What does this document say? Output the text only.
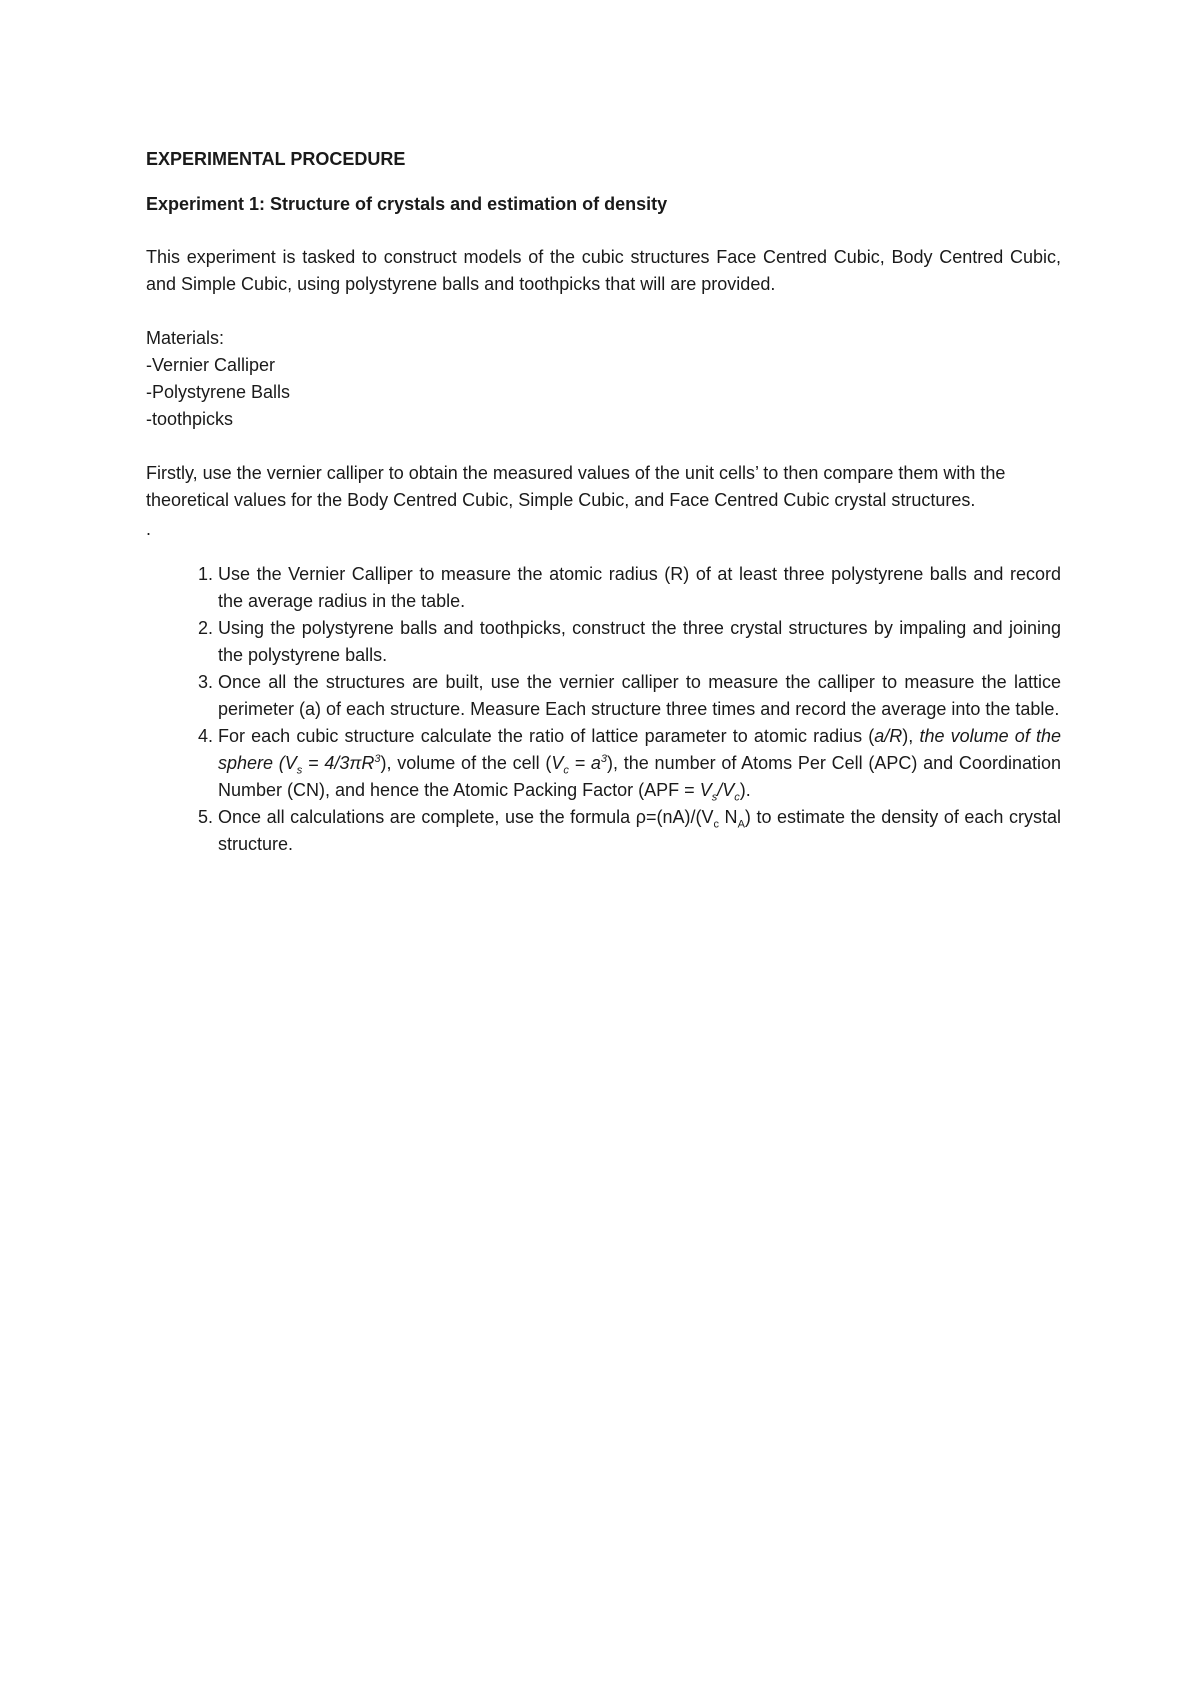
EXPERIMENTAL PROCEDURE
Experiment 1: Structure of crystals and estimation of density

This experiment is tasked to construct models of the cubic structures Face Centred Cubic, Body Centred Cubic, and Simple Cubic, using polystyrene balls and toothpicks that will are provided.

Materials:

-Vernier Calliper
-Polystyrene Balls
-toothpicks

Firstly, use the vernier calliper to obtain the measured values of the unit cells’ to then compare them with the theoretical values for the Body Centred Cubic, Simple Cubic, and Face Centred Cubic crystal structures.

.

1. Use the Vernier Calliper to measure the atomic radius (R) of at least three polystyrene balls and record the average radius in the table.
2. Using the polystyrene balls and toothpicks, construct the three crystal structures by impaling and joining the polystyrene balls.
3. Once all the structures are built, use the vernier calliper to measure the calliper to measure the lattice perimeter (a) of each structure. Measure Each structure three times and record the average into the table.
4. For each cubic structure calculate the ratio of lattice parameter to atomic radius (a/R), the volume of the sphere $(V_s = 4/3\pi R^3)$, volume of the cell $(V_c = a^3)$, the number of Atoms Per Cell (APC) and Coordination Number (CN), and hence the Atomic Packing Factor $(APF = V_s/V_c)$.
5. Once all calculations are complete, use the formula $\rho=(nA)/(V_c$ $N_A$) to estimate the density of each crystal structure.
